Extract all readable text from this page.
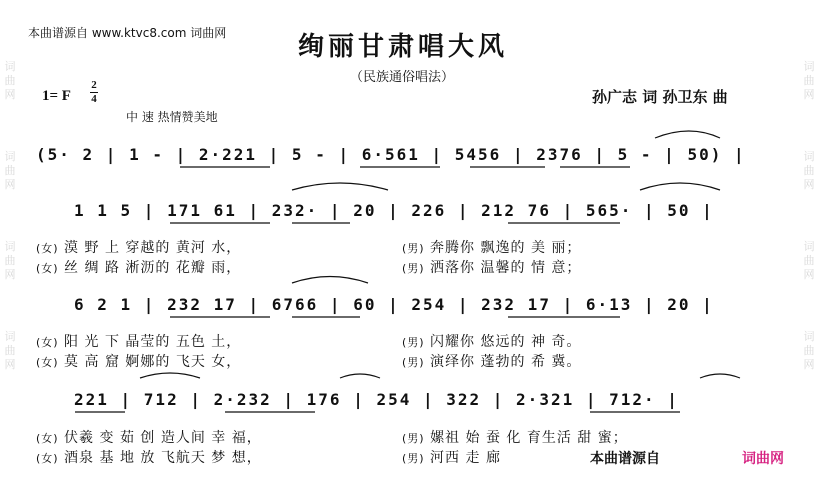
词曲网
词曲网
词曲网
词曲网
词曲网
词曲网
词曲网
词曲网
本曲谱源自 www.ktvc8.com 词曲网	绚丽甘肃唱大风
（民族通俗唱法）
1= F
2
4	孙广志 词 孙卫东 曲
中 速 热情赞美地
(5· 2 | 1 - | 2·221 | 5 - | 6·561 | 5456 | 2376 | 5 - | 50) |
1 1 5 | 171 61 | 232· | 20 | 226 | 212 76 | 565· | 50 |
6 2 1 | 232 17 | 6766 | 60 | 254 | 232 17 | 6·13 | 20 |
221 | 712 | 2·232 | 176 | 254 | 322 | 2·321 | 712· |
(女) 漠 野 上 穿越的 黄河 水，	(男) 奔腾你 飘逸的 美 丽；
(女) 丝 绸 路 淅沥的 花瓣 雨，	(男) 洒落你 温馨的 情 意；
(女) 阳 光 下 晶莹的 五色 土，	(男) 闪耀你 悠远的 神 奇。
(女) 莫 高 窟 婀娜的 飞天 女，	(男) 演绎你 蓬勃的 希 冀。
(女) 伏羲 变 茹 创 造人间 幸 福，	(男) 嫘祖 始 蚕 化 育生活 甜 蜜；
(女) 酒泉 基 地 放 飞航天 梦 想，	(男) 河西 走 廊	本曲谱源自	词曲网
